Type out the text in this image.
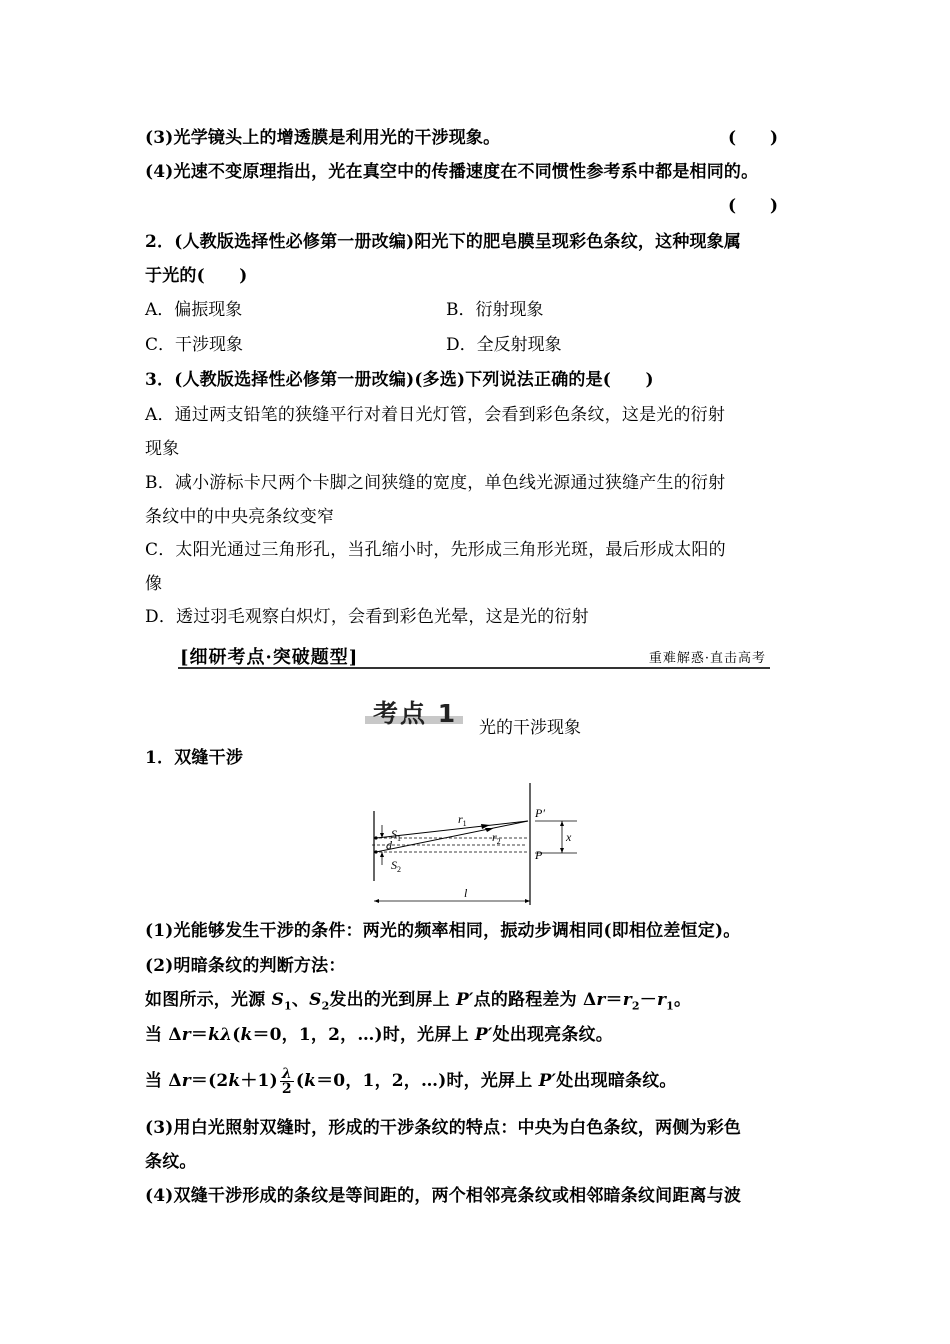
(3)光学镜头上的增透膜是利用光的干涉现象。	(　　)
(4)光速不变原理指出，光在真空中的传播速度在不同惯性参考系中都是相同的。
(　　)
2．(人教版选择性必修第一册改编)阳光下的肥皂膜呈现彩色条纹，这种现象属
于光的(　　)
A．偏振现象	B．衍射现象
C．干涉现象	D．全反射现象
3．(人教版选择性必修第一册改编)(多选)下列说法正确的是(　　)
A．通过两支铅笔的狭缝平行对着日光灯管，会看到彩色条纹，这是光的衍射
现象
B．减小游标卡尺两个卡脚之间狭缝的宽度，单色线光源通过狭缝产生的衍射
条纹中的中央亮条纹变窄
C．太阳光通过三角形孔，当孔缩小时，先形成三角形光斑，最后形成太阳的
像
D．透过羽毛观察白炽灯，会看到彩色光晕，这是光的衍射
[细研考点·突破题型]	重难解惑·直击高考
考点 1 光的干涉现象
1．双缝干涉
$S_1$
$S_2$
d
$r_1$
$r_2$
P′
P
x
l
(1)光能够发生干涉的条件：两光的频率相同，振动步调相同(即相位差恒定)。
(2)明暗条纹的判断方法：
如图所示，光源 $S_1$、$S_2$发出的光到屏上 P′点的路程差为 $\Delta r=r_2-r_1$。
当 Δr＝kλ(k＝0，1，2，…)时，光屏上 P′处出现亮条纹。
当 $\Delta r=(2k+1) \frac{\lambda}{2} (k=0$，1，2，…)时，光屏上 P′处出现暗条纹。
(3)用白光照射双缝时，形成的干涉条纹的特点：中央为白色条纹，两侧为彩色
条纹。
(4)双缝干涉形成的条纹是等间距的，两个相邻亮条纹或相邻暗条纹间距离与波
